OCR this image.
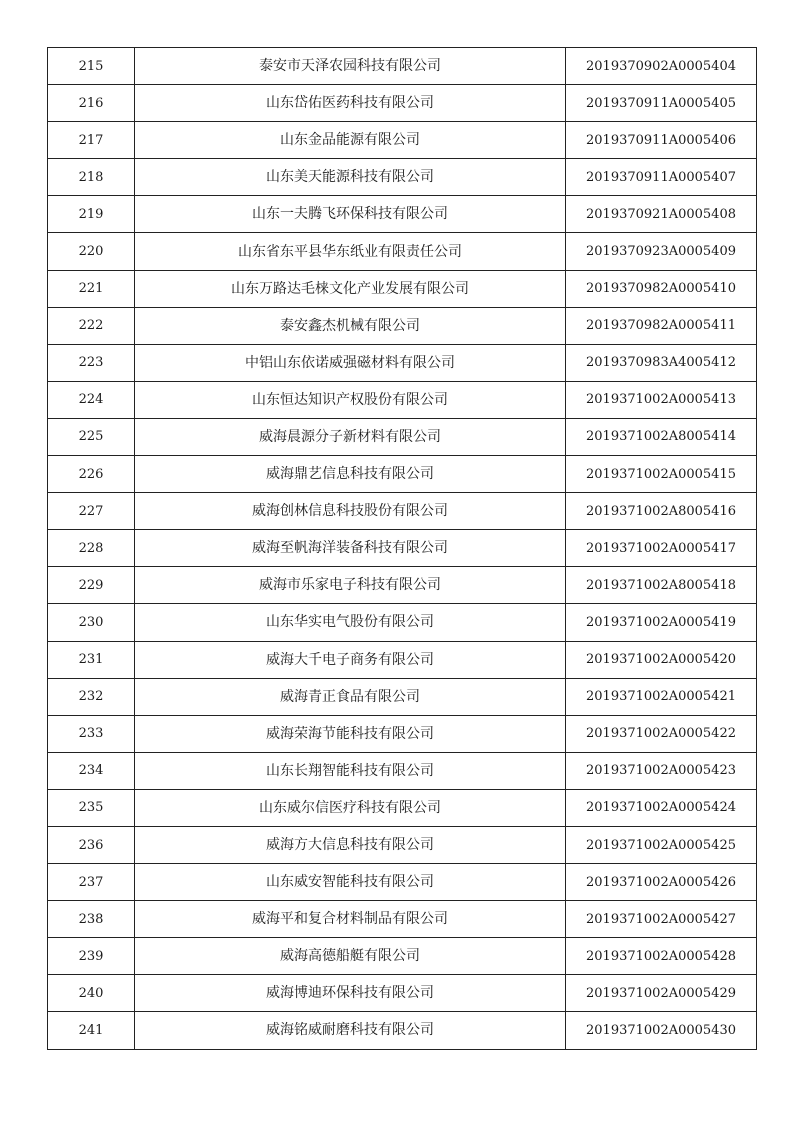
215	泰安市天泽农园科技有限公司	2019370902A0005404
216	山东岱佑医药科技有限公司	2019370911A0005405
217	山东金品能源有限公司	2019370911A0005406
218	山东美天能源科技有限公司	2019370911A0005407
219	山东一夫腾飞环保科技有限公司	2019370921A0005408
220	山东省东平县华东纸业有限责任公司	2019370923A0005409
221	山东万路达毛梾文化产业发展有限公司	2019370982A0005410
222	泰安鑫杰机械有限公司	2019370982A0005411
223	中铝山东依诺威强磁材料有限公司	2019370983A4005412
224	山东恒达知识产权股份有限公司	2019371002A0005413
225	威海晨源分子新材料有限公司	2019371002A8005414
226	威海鼎艺信息科技有限公司	2019371002A0005415
227	威海创林信息科技股份有限公司	2019371002A8005416
228	威海至帆海洋装备科技有限公司	2019371002A0005417
229	威海市乐家电子科技有限公司	2019371002A8005418
230	山东华实电气股份有限公司	2019371002A0005419
231	威海大千电子商务有限公司	2019371002A0005420
232	威海青正食品有限公司	2019371002A0005421
233	威海荣海节能科技有限公司	2019371002A0005422
234	山东长翔智能科技有限公司	2019371002A0005423
235	山东威尔信医疗科技有限公司	2019371002A0005424
236	威海方大信息科技有限公司	2019371002A0005425
237	山东威安智能科技有限公司	2019371002A0005426
238	威海平和复合材料制品有限公司	2019371002A0005427
239	威海高德船艇有限公司	2019371002A0005428
240	威海博迪环保科技有限公司	2019371002A0005429
241	威海铭威耐磨科技有限公司	2019371002A0005430
